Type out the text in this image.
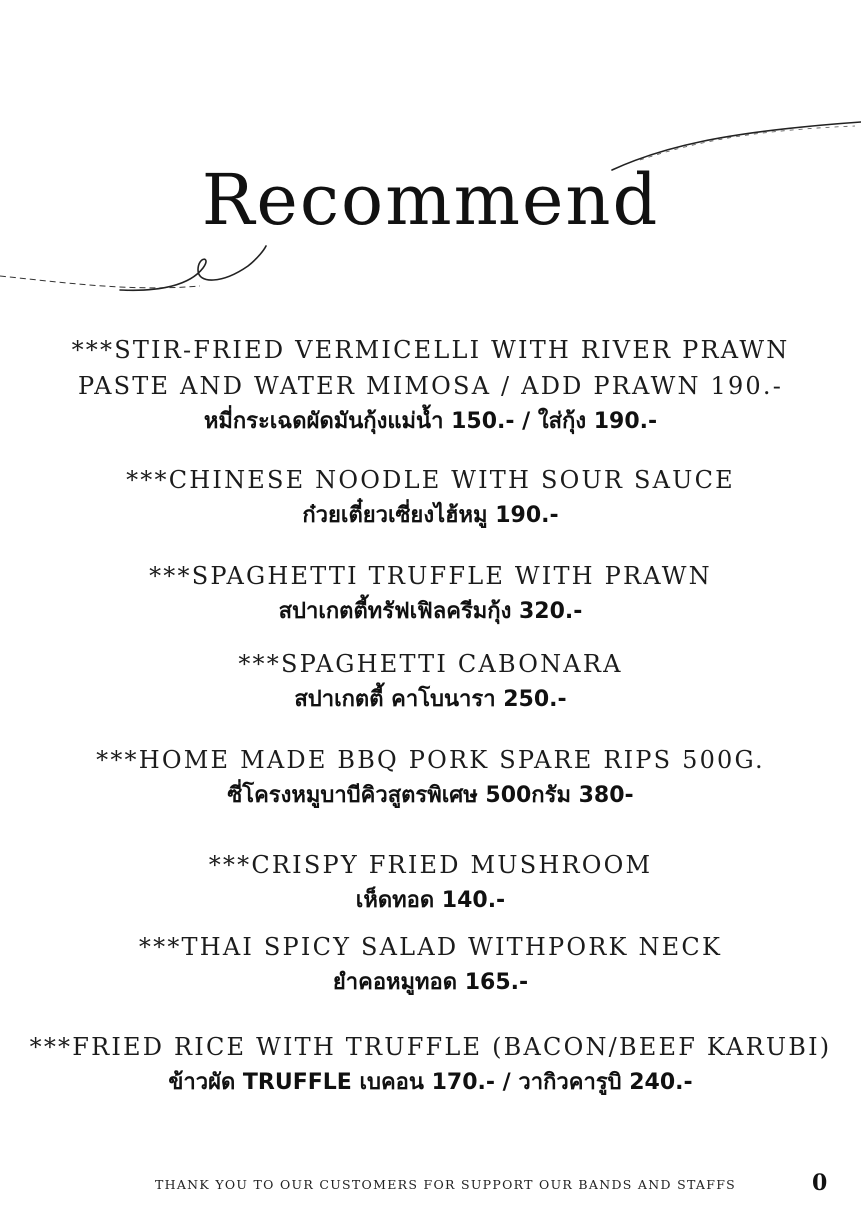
Recommend
***STIR-FRIED VERMICELLI WITH RIVER PRAWN
PASTE AND WATER MIMOSA / ADD PRAWN 190.-
หมี่กระเฉดผัดมันกุ้งแม่น้ำ 150.- / ใส่กุ้ง 190.-
***CHINESE NOODLE WITH SOUR SAUCE
ก๋วยเตี๋ยวเซี่ยงไฮ้หมู 190.-
***SPAGHETTI TRUFFLE WITH PRAWN
สปาเกตตี้ทรัฟเฟิลครีมกุ้ง 320.-
***SPAGHETTI CABONARA
สปาเกตตี้ คาโบนารา 250.-
***HOME MADE BBQ PORK SPARE RIPS 500G.
ซี่โครงหมูบาบีคิวสูตรพิเศษ 500กรัม 380-
***CRISPY FRIED MUSHROOM
เห็ดทอด 140.-
***THAI SPICY SALAD WITHPORK NECK
ยำคอหมูทอด 165.-
***FRIED RICE WITH TRUFFLE (BACON/BEEF KARUBI)
ข้าวผัด TRUFFLE เบคอน 170.- / วากิวคารูบิ 240.-
THANK YOU TO OUR CUSTOMERS FOR SUPPORT OUR BANDS AND STAFFS	0
